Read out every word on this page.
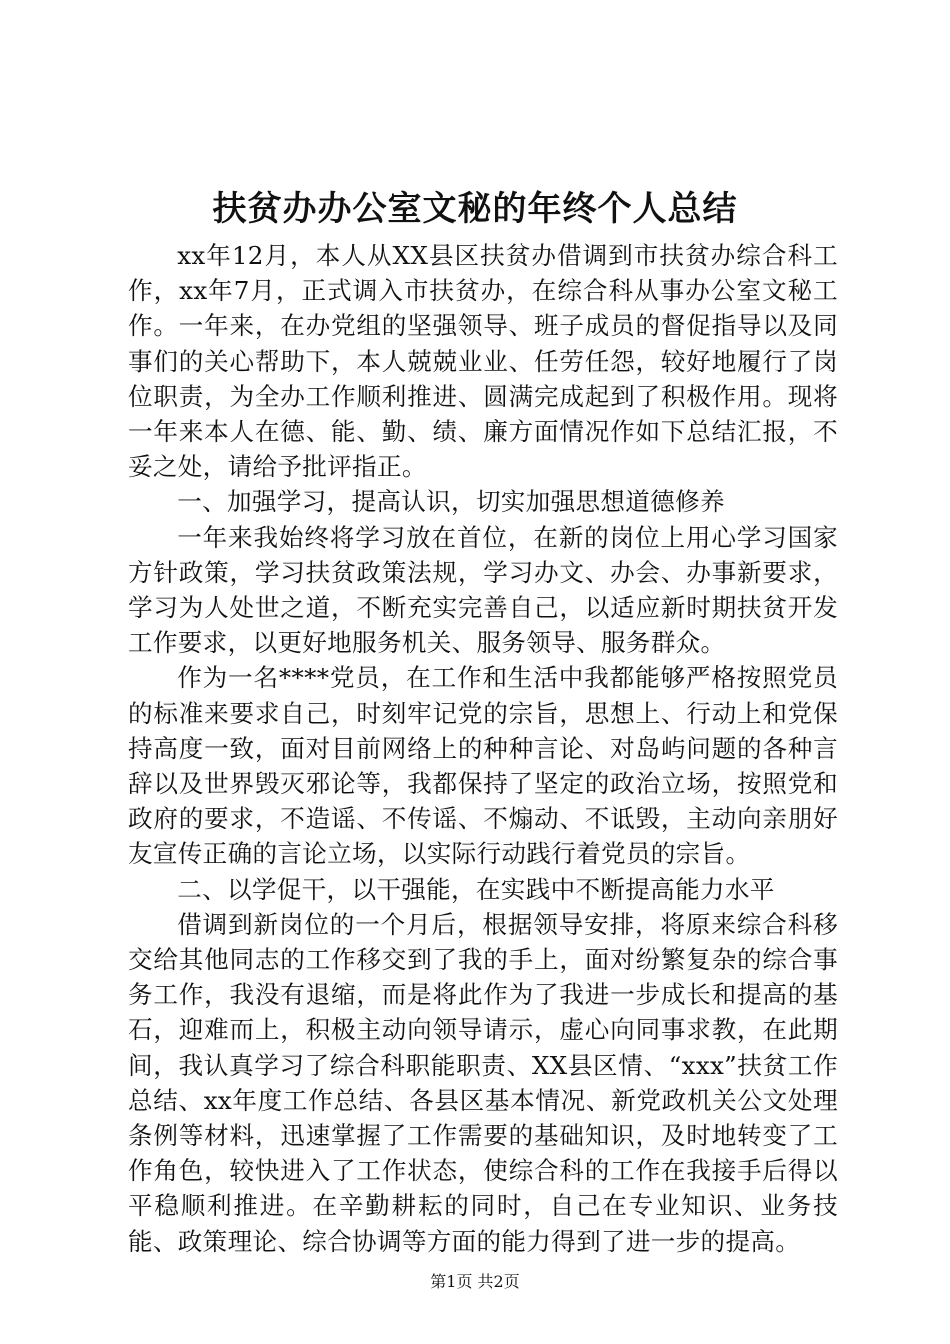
扶贫办办公室文秘的年终个人总结

xx年12月，本人从XX县区扶贫办借调到市扶贫办综合科工作，xx年7月，正式调入市扶贫办，在综合科从事办公室文秘工作。一年来，在办党组的坚强领导、班子成员的督促指导以及同事们的关心帮助下，本人兢兢业业、任劳任怨，较好地履行了岗位职责，为全办工作顺利推进、圆满完成起到了积极作用。现将一年来本人在德、能、勤、绩、廉方面情况作如下总结汇报，不妥之处，请给予批评指正。

一、加强学习，提高认识，切实加强思想道德修养

一年来我始终将学习放在首位，在新的岗位上用心学习国家方针政策，学习扶贫政策法规，学习办文、办会、办事新要求，学习为人处世之道，不断充实完善自己，以适应新时期扶贫开发工作要求，以更好地服务机关、服务领导、服务群众。

作为一名****党员，在工作和生活中我都能够严格按照党员的标准来要求自己，时刻牢记党的宗旨，思想上、行动上和党保持高度一致，面对目前网络上的种种言论、对岛屿问题的各种言辞以及世界毁灭邪论等，我都保持了坚定的政治立场，按照党和政府的要求，不造谣、不传谣、不煽动、不诋毁，主动向亲朋好友宣传正确的言论立场，以实际行动践行着党员的宗旨。

二、以学促干，以干强能，在实践中不断提高能力水平

借调到新岗位的一个月后，根据领导安排，将原来综合科移交给其他同志的工作移交到了我的手上，面对纷繁复杂的综合事务工作，我没有退缩，而是将此作为了我进一步成长和提高的基石，迎难而上，积极主动向领导请示，虚心向同事求教，在此期间，我认真学习了综合科职能职责、XX县区情、“xxx”扶贫工作总结、xx年度工作总结、各县区基本情况、新党政机关公文处理条例等材料，迅速掌握了工作需要的基础知识，及时地转变了工作角色，较快进入了工作状态，使综合科的工作在我接手后得以平稳顺利推进。在辛勤耕耘的同时，自己在专业知识、业务技能、政策理论、综合协调等方面的能力得到了进一步的提高。

第1页 共2页
